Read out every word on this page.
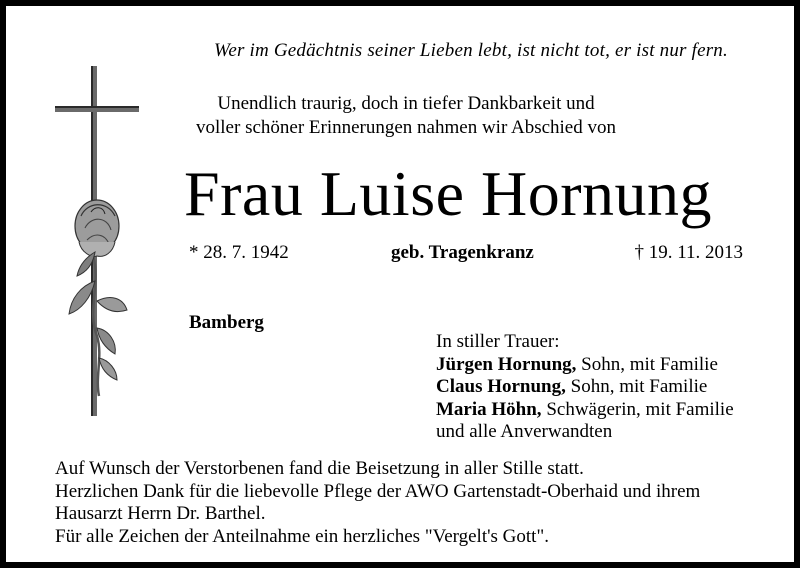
Wer im Gedächtnis seiner Lieben lebt, ist nicht tot, er ist nur fern.
Unendlich traurig, doch in tiefer Dankbarkeit und
voller schöner Erinnerungen nahmen wir Abschied von
Frau Luise Hornung
* 28. 7. 1942	geb. Tragenkranz	† 19. 11. 2013
Bamberg
In stiller Trauer:
Jürgen Hornung, Sohn, mit Familie
Claus Hornung, Sohn, mit Familie
Maria Höhn, Schwägerin, mit Familie
und alle Anverwandten
Auf Wunsch der Verstorbenen fand die Beisetzung in aller Stille statt.
Herzlichen Dank für die liebevolle Pflege der AWO Gartenstadt-Oberhaid und ihrem
Hausarzt Herrn Dr. Barthel.
Für alle Zeichen der Anteilnahme ein herzliches "Vergelt's Gott".
